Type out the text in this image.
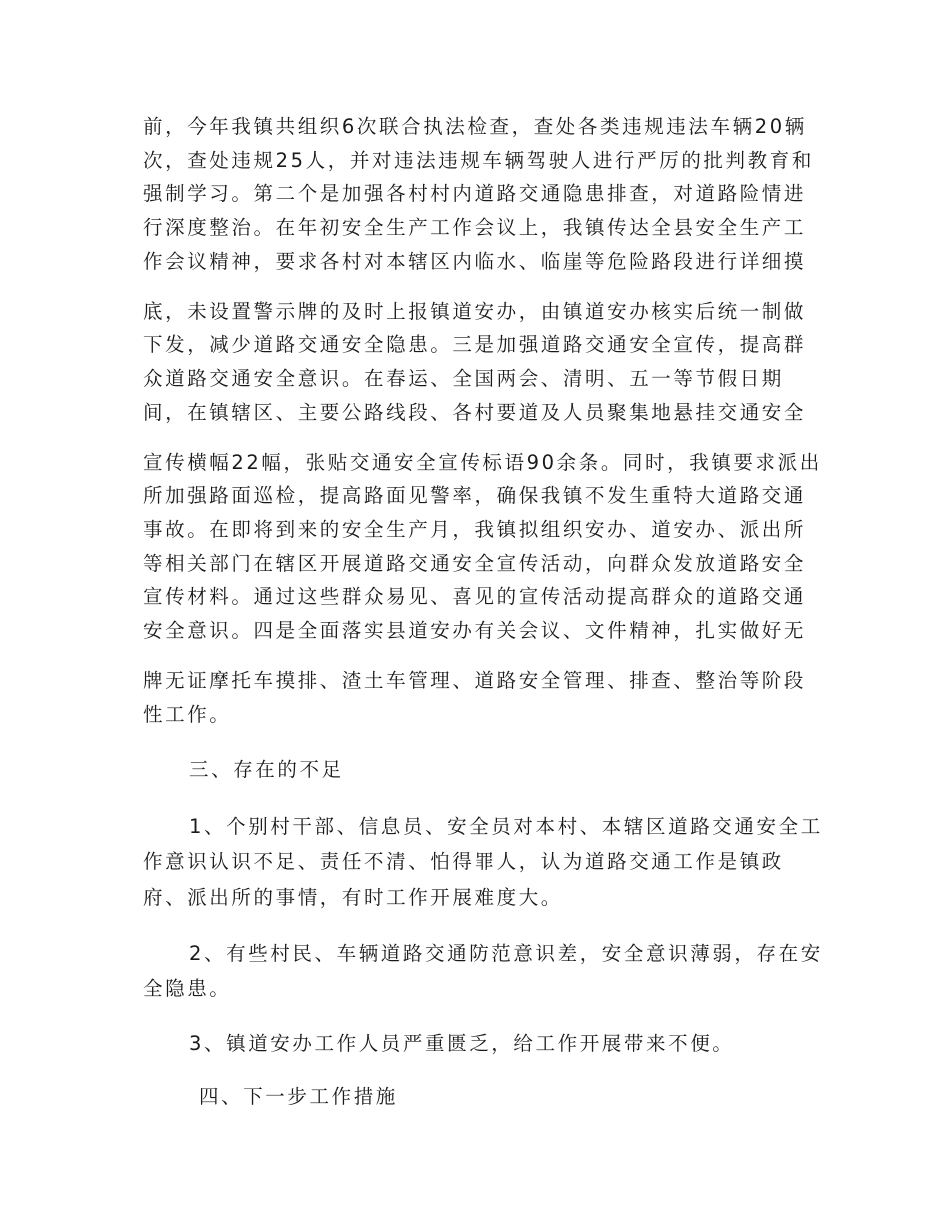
前，今年我镇共组织6次联合执法检查，查处各类违规违法车辆20辆
次，查处违规25人，并对违法违规车辆驾驶人进行严厉的批判教育和
强制学习。第二个是加强各村村内道路交通隐患排查，对道路险情进
行深度整治。在年初安全生产工作会议上，我镇传达全县安全生产工
作会议精神，要求各村对本辖区内临水、临崖等危险路段进行详细摸
底，未设置警示牌的及时上报镇道安办，由镇道安办核实后统一制做
下发，减少道路交通安全隐患。三是加强道路交通安全宣传，提高群
众道路交通安全意识。在春运、全国两会、清明、五一等节假日期
间，在镇辖区、主要公路线段、各村要道及人员聚集地悬挂交通安全
宣传横幅22幅，张贴交通安全宣传标语90余条。同时，我镇要求派出
所加强路面巡检，提高路面见警率，确保我镇不发生重特大道路交通
事故。在即将到来的安全生产月，我镇拟组织安办、道安办、派出所
等相关部门在辖区开展道路交通安全宣传活动，向群众发放道路安全
宣传材料。通过这些群众易见、喜见的宣传活动提高群众的道路交通
安全意识。四是全面落实县道安办有关会议、文件精神，扎实做好无
牌无证摩托车摸排、渣土车管理、道路安全管理、排查、整治等阶段
性工作。
三、存在的不足
1、个别村干部、信息员、安全员对本村、本辖区道路交通安全工
作意识认识不足、责任不清、怕得罪人，认为道路交通工作是镇政
府、派出所的事情，有时工作开展难度大。
2、有些村民、车辆道路交通防范意识差，安全意识薄弱，存在安
全隐患。
3、镇道安办工作人员严重匮乏，给工作开展带来不便。
四、下一步工作措施
